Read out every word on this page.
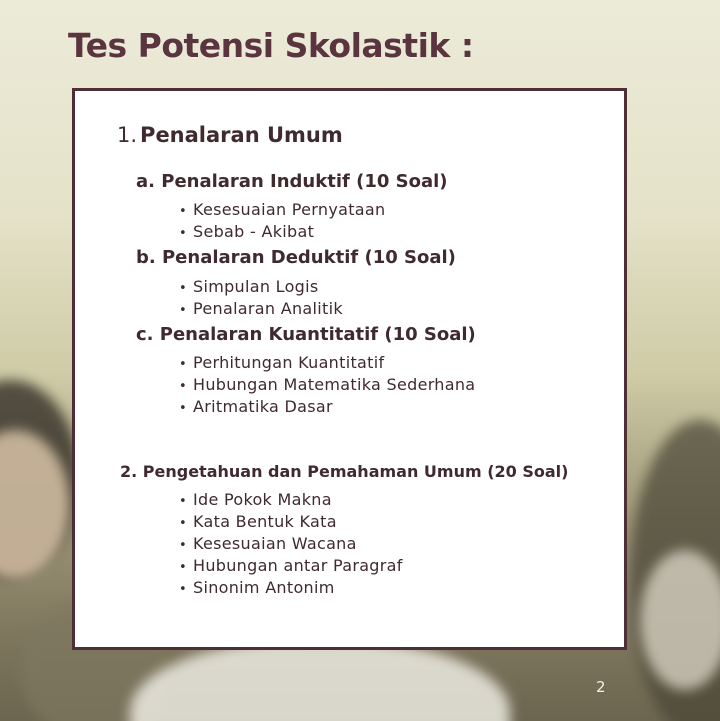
Tes Potensi Skolastik :
1. Penalaran Umum
a. Penalaran Induktif (10 Soal)
• Kesesuaian Pernyataan
• Sebab - Akibat
b. Penalaran Deduktif (10 Soal)
• Simpulan Logis
• Penalaran Analitik
c. Penalaran Kuantitatif (10 Soal)
• Perhitungan Kuantitatif
• Hubungan Matematika Sederhana
• Aritmatika Dasar
2. Pengetahuan dan Pemahaman Umum (20 Soal)
• Ide Pokok Makna
• Kata Bentuk Kata
• Kesesuaian Wacana
• Hubungan antar Paragraf
• Sinonim Antonim
2
